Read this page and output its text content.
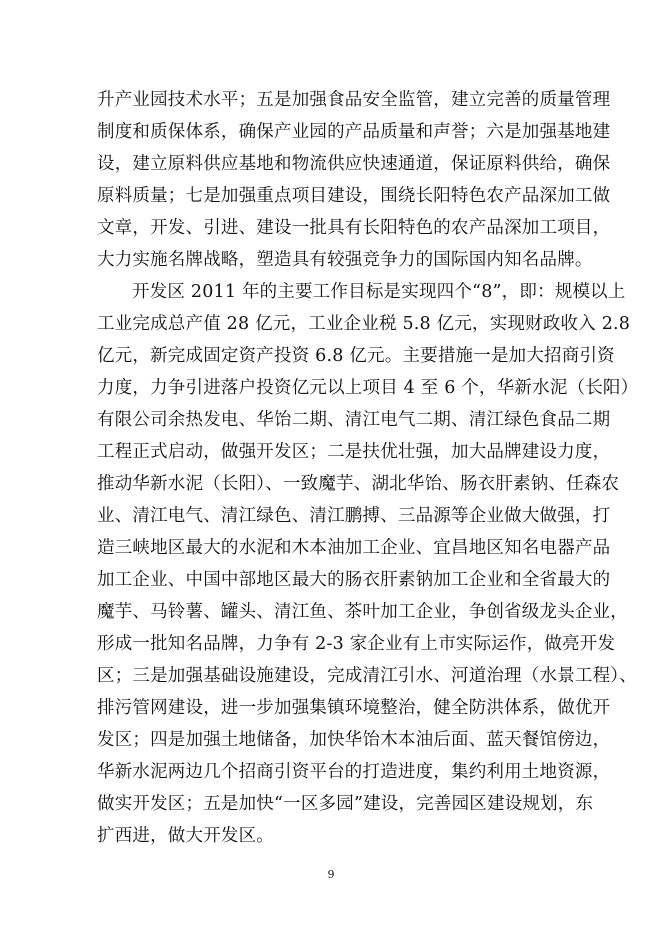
升产业园技术水平；五是加强食品安全监管，建立完善的质量管理
制度和质保体系，确保产业园的产品质量和声誉；六是加强基地建
设，建立原料供应基地和物流供应快速通道，保证原料供给，确保
原料质量；七是加强重点项目建设，围绕长阳特色农产品深加工做
文章，开发、引进、建设一批具有长阳特色的农产品深加工项目，
大力实施名牌战略，塑造具有较强竞争力的国际国内知名品牌。
开发区 2011 年的主要工作目标是实现四个“8”，即：规模以上
工业完成总产值 28 亿元，工业企业税 5.8 亿元，实现财政收入 2.8
亿元，新完成固定资产投资 6.8 亿元。主要措施一是加大招商引资
力度，力争引进落户投资亿元以上项目 4 至 6 个，华新水泥（长阳）
有限公司余热发电、华饴二期、清江电气二期、清江绿色食品二期
工程正式启动，做强开发区；二是扶优壮强，加大品牌建设力度，
推动华新水泥（长阳）、一致魔芋、湖北华饴、肠衣肝素钠、任森农
业、清江电气、清江绿色、清江鹏搏、三品源等企业做大做强，打
造三峡地区最大的水泥和木本油加工企业、宜昌地区知名电器产品
加工企业、中国中部地区最大的肠衣肝素钠加工企业和全省最大的
魔芋、马铃薯、罐头、清江鱼、茶叶加工企业，争创省级龙头企业，
形成一批知名品牌，力争有 2-3 家企业有上市实际运作，做亮开发
区；三是加强基础设施建设，完成清江引水、河道治理（水景工程）、
排污管网建设，进一步加强集镇环境整治，健全防洪体系，做优开
发区；四是加强土地储备，加快华饴木本油后面、蓝天餐馆傍边，
华新水泥两边几个招商引资平台的打造进度，集约利用土地资源，
做实开发区；五是加快“一区多园”建设，完善园区建设规划，东
扩西进，做大开发区。
9
